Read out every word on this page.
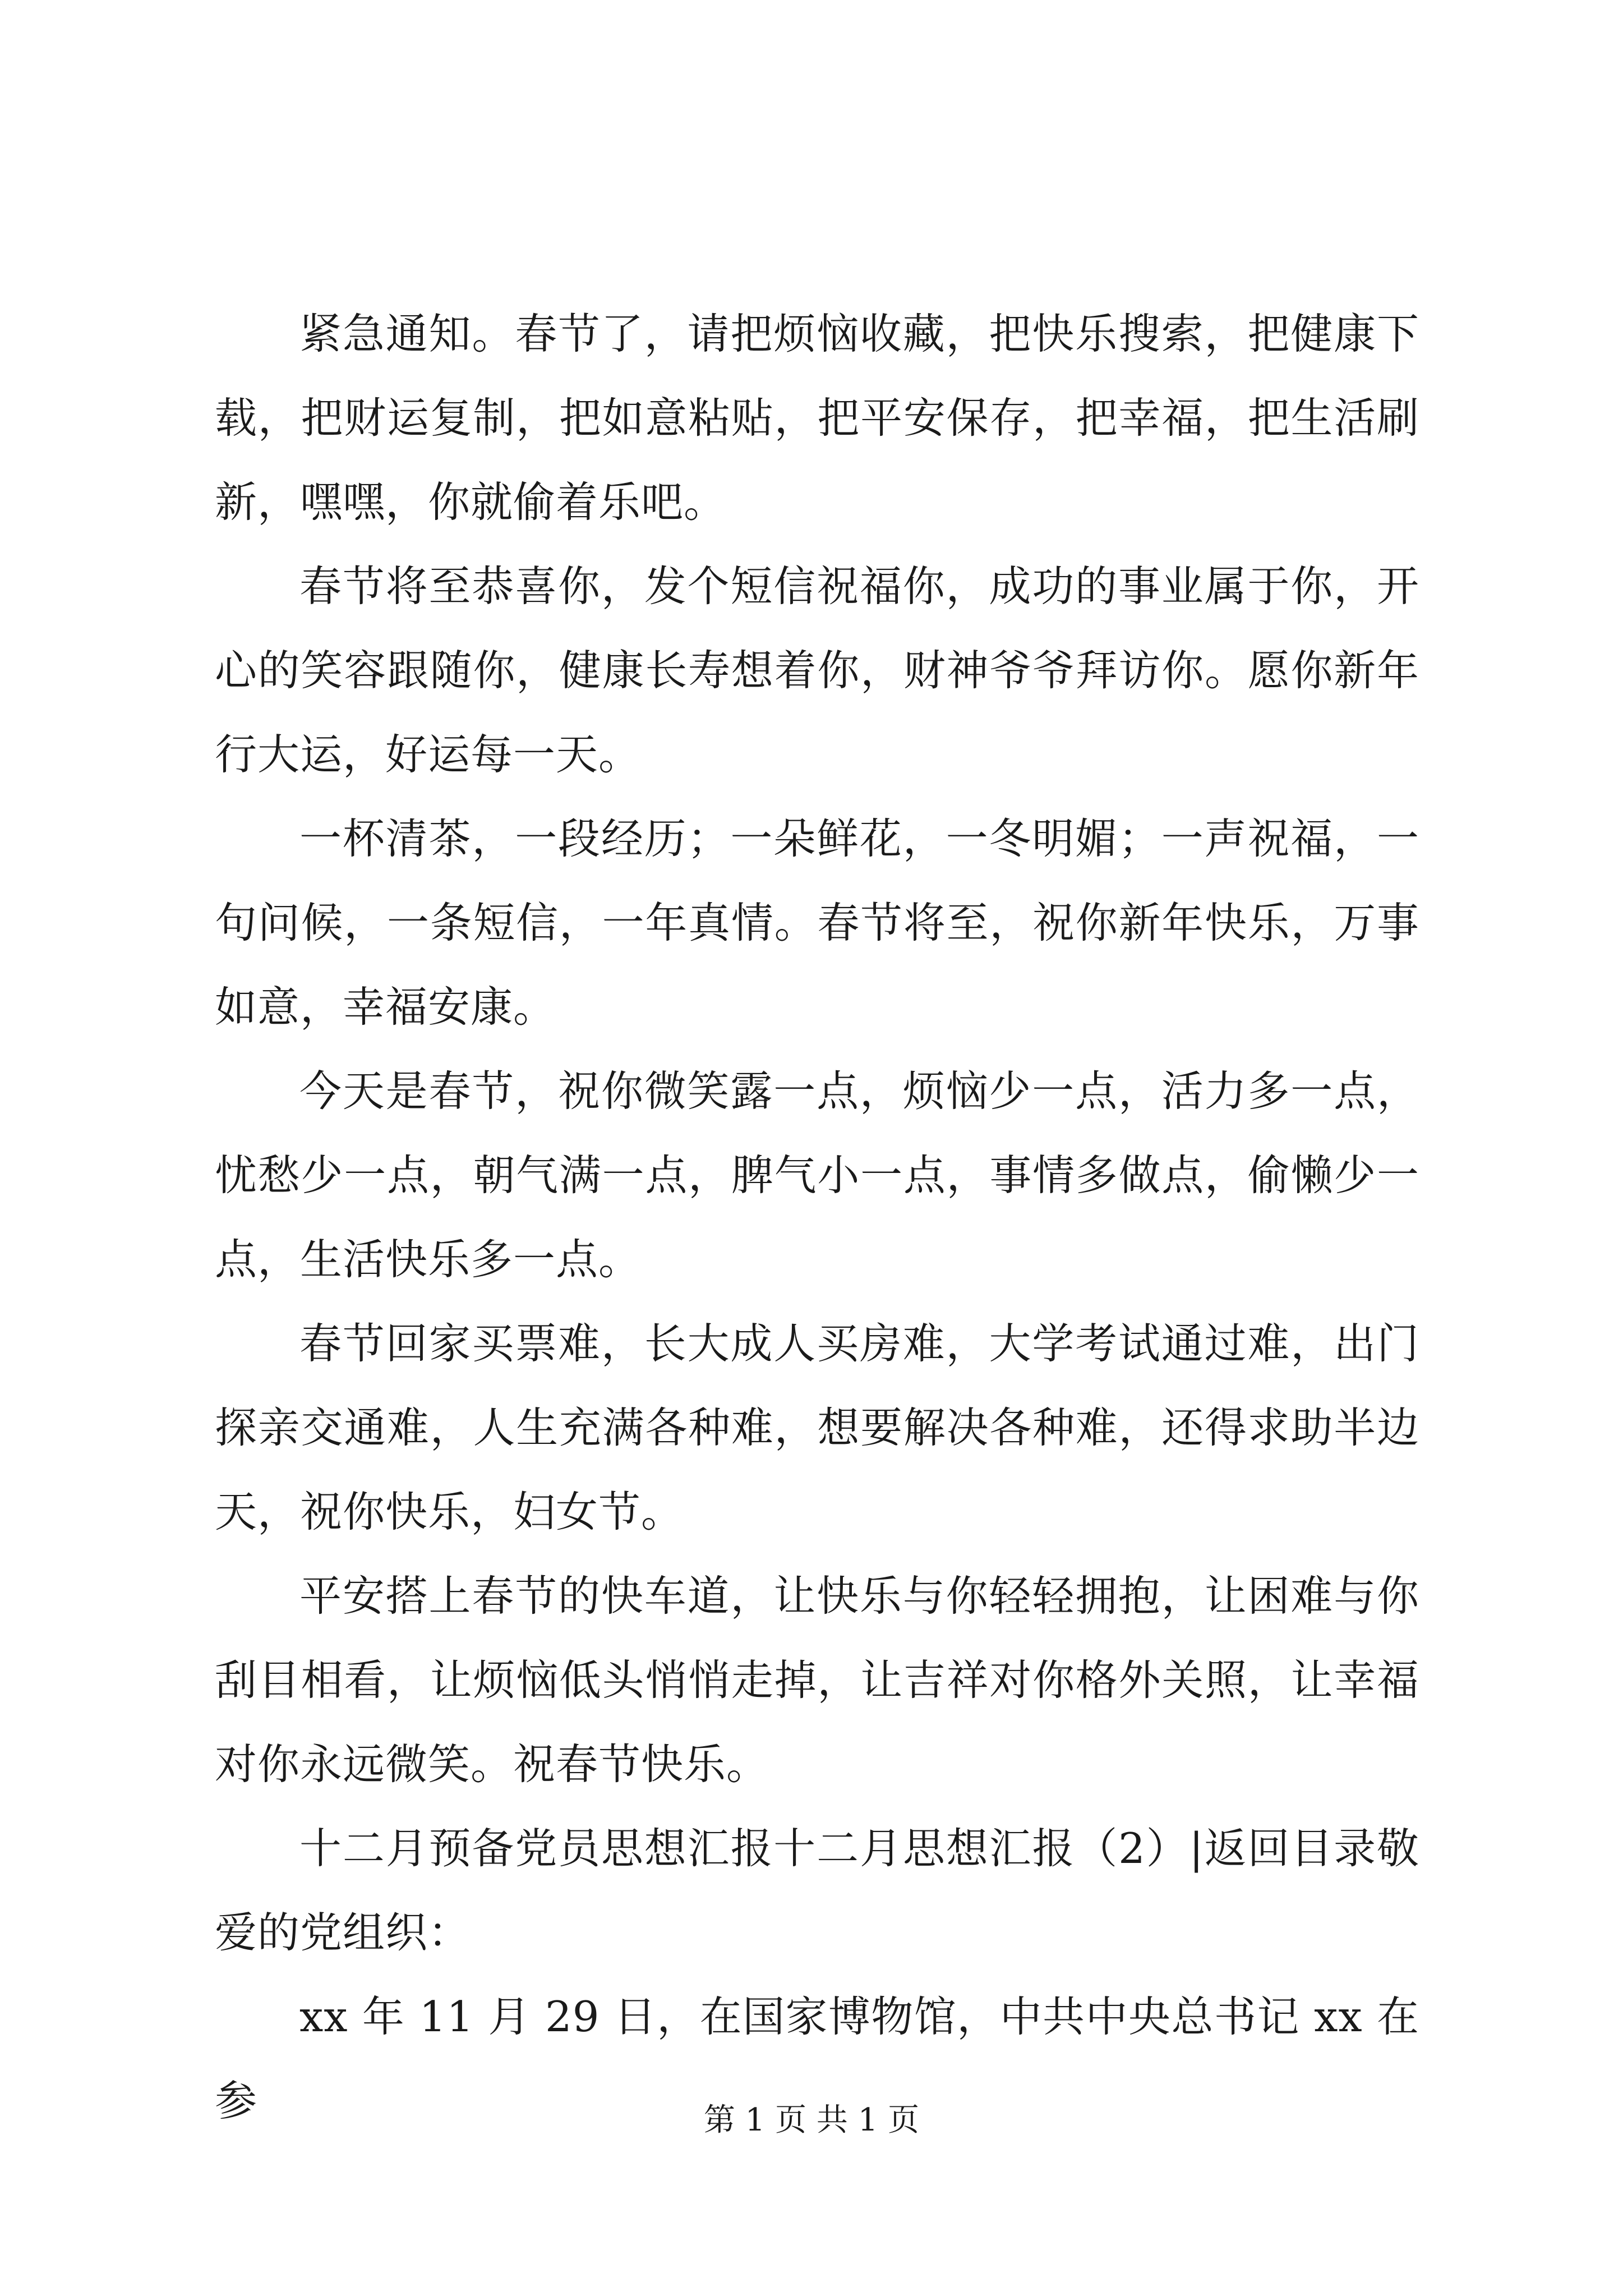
紧急通知。春节了，请把烦恼收藏，把快乐搜索，把健康下载，把财运复制，把如意粘贴，把平安保存，把幸福，把生活刷新，嘿嘿，你就偷着乐吧。

春节将至恭喜你，发个短信祝福你，成功的事业属于你，开心的笑容跟随你，健康长寿想着你，财神爷爷拜访你。愿你新年行大运，好运每一天。

一杯清茶，一段经历；一朵鲜花，一冬明媚；一声祝福，一句问候，一条短信，一年真情。春节将至，祝你新年快乐，万事如意，幸福安康。

今天是春节，祝你微笑露一点，烦恼少一点，活力多一点，忧愁少一点，朝气满一点，脾气小一点，事情多做点，偷懒少一点，生活快乐多一点。

春节回家买票难，长大成人买房难，大学考试通过难，出门探亲交通难，人生充满各种难，想要解决各种难，还得求助半边天，祝你快乐，妇女节。

平安搭上春节的快车道，让快乐与你轻轻拥抱，让困难与你刮目相看，让烦恼低头悄悄走掉，让吉祥对你格外关照，让幸福对你永远微笑。祝春节快乐。

十二月预备党员思想汇报十二月思想汇报（2）|返回目录敬爱的党组织：

xx 年 11 月 29 日，在国家博物馆，中共中央总书记 xx 在参	第 1 页 共 1 页
